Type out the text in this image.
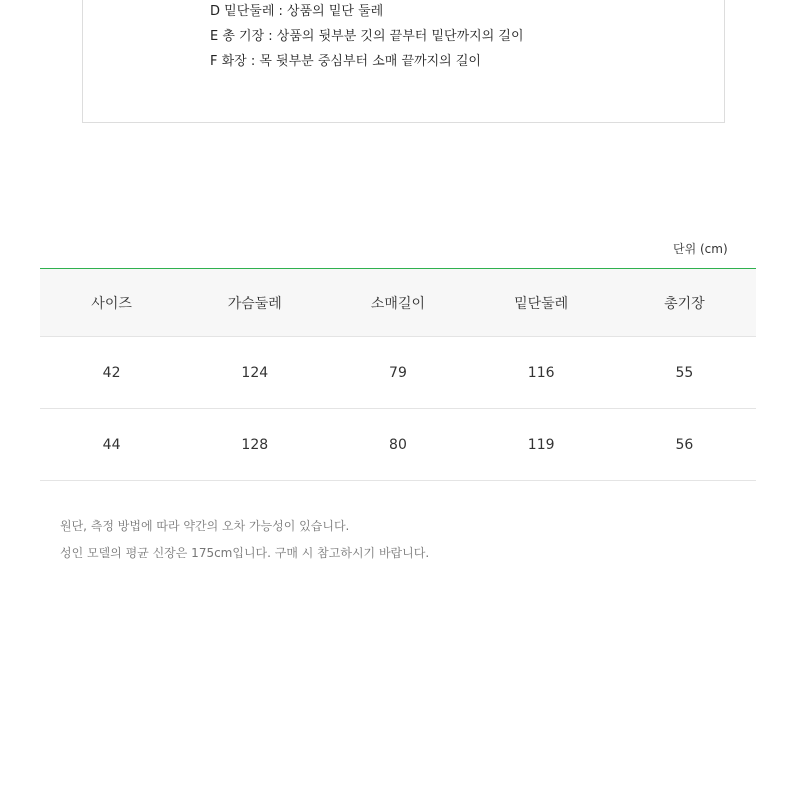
D 밑단둘레 : 상품의 밑단 둘레
E 총 기장 : 상품의 뒷부분 깃의 끝부터 밑단까지의 길이
F 화장 : 목 뒷부분 중심부터 소매 끝까지의 길이
단위 (cm)
사이즈	가슴둘레	소매길이	밑단둘레	총기장
42	124	79	116	55
44	128	80	119	56
원단, 측정 방법에 따라 약간의 오차 가능성이 있습니다.
성인 모델의 평균 신장은 175cm입니다. 구매 시 참고하시기 바랍니다.
